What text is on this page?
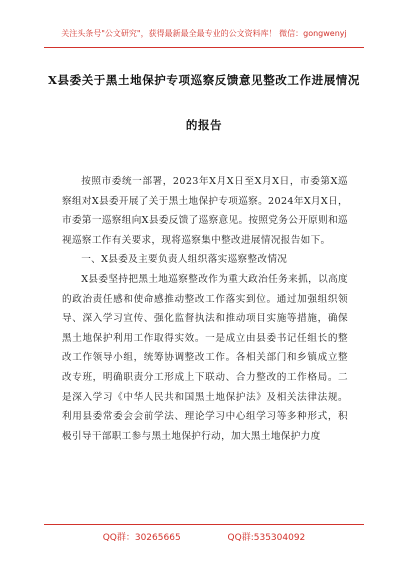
关注头条号"公文研究"，获得最新最全最专业的公文资料库！ 微信：gongwenyj
X县委关于黑土地保护专项巡察反馈意见整改工作进展情况
的报告

按照市委统一部署，2023年X月X日至X月X日，市委第X巡察组对X县委开展了关于黑土地保护专项巡察。2024年X月X日，市委第一巡察组向X县委反馈了巡察意见。按照党务公开原则和巡视巡察工作有关要求，现将巡察集中整改进展情况报告如下。

一、X县委及主要负责人组织落实巡察整改情况

X县委坚持把黑土地巡察整改作为重大政治任务来抓，以高度的政治责任感和使命感推动整改工作落实到位。通过加强组织领导、深入学习宣传、强化监督执法和推动项目实施等措施，确保黑土地保护利用工作取得实效。一是成立由县委书记任组长的整改工作领导小组，统筹协调整改工作。各相关部门和乡镇成立整改专班，明确职责分工形成上下联动、合力整改的工作格局。二是深入学习《中华人民共和国黑土地保护法》及相关法律法规。利用县委常委会会前学法、理论学习中心组学习等多种形式，积极引导干部职工参与黑土地保护行动，加大黑土地保护力度

QQ群：30265665	QQ群:535304092
